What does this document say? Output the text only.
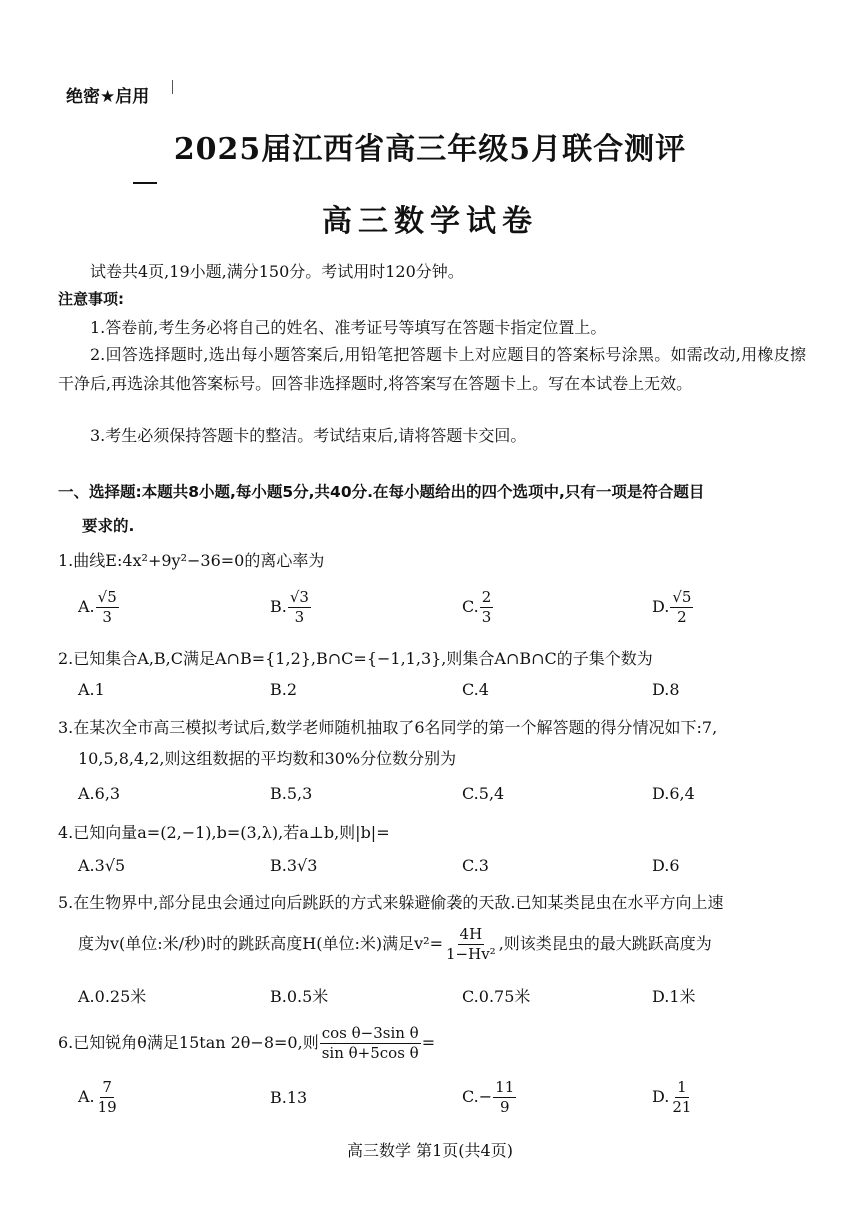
绝密★启用
2025届江西省高三年级5月联合测评
高三数学试卷
试卷共4页,19小题,满分150分。考试用时120分钟。
注意事项:
1.答卷前,考生务必将自己的姓名、准考证号等填写在答题卡指定位置上。
2.回答选择题时,选出每小题答案后,用铅笔把答题卡上对应题目的答案标号涂黑。如需改动,用橡皮擦干净后,再选涂其他答案标号。回答非选择题时,将答案写在答题卡上。写在本试卷上无效。
3.考生必须保持答题卡的整洁。考试结束后,请将答题卡交回。
一、选择题:本题共8小题,每小题5分,共40分.在每小题给出的四个选项中,只有一项是符合题目
要求的.
1.曲线E:4x²+9y²−36=0的离心率为
A. $\frac{√5}{3}$	B. $\frac{√3}{3}$	C. $\frac{2}{3}$	D. $\frac{√5}{2}$
2.已知集合A,B,C满足A∩B={1,2},B∩C={−1,1,3},则集合A∩B∩C的子集个数为
A.1	B.2	C.4	D.8
3.在某次全市高三模拟考试后,数学老师随机抽取了6名同学的第一个解答题的得分情况如下:7,
10,5,8,4,2,则这组数据的平均数和30%分位数分别为
A.6,3	B.5,3	C.5,4	D.6,4
4.已知向量a=(2,−1),b=(3,λ),若a⊥b,则|b|=
A.3√5	B.3√3	C.3	D.6
5.在生物界中,部分昆虫会通过向后跳跃的方式来躲避偷袭的天敌.已知某类昆虫在水平方向上速
度为v(单位:米/秒)时的跳跃高度H(单位:米)满足$v^2= \frac{4H}{\text{1−Hv²}}$ ,则该类昆虫的最大跳跃高度为
A.0.25米	B.0.5米	C.0.75米	D.1米
6.已知锐角θ满足15tan 2θ−8=0,则 $\frac{\text{cos θ−3sin θ}}{\text{sin θ+5cos θ}}$ =
A. $\frac{7}{19}$	B.13	$C.- \frac{11}{9}$	D. $\frac{1}{21}$
高三数学 第1页(共4页)
